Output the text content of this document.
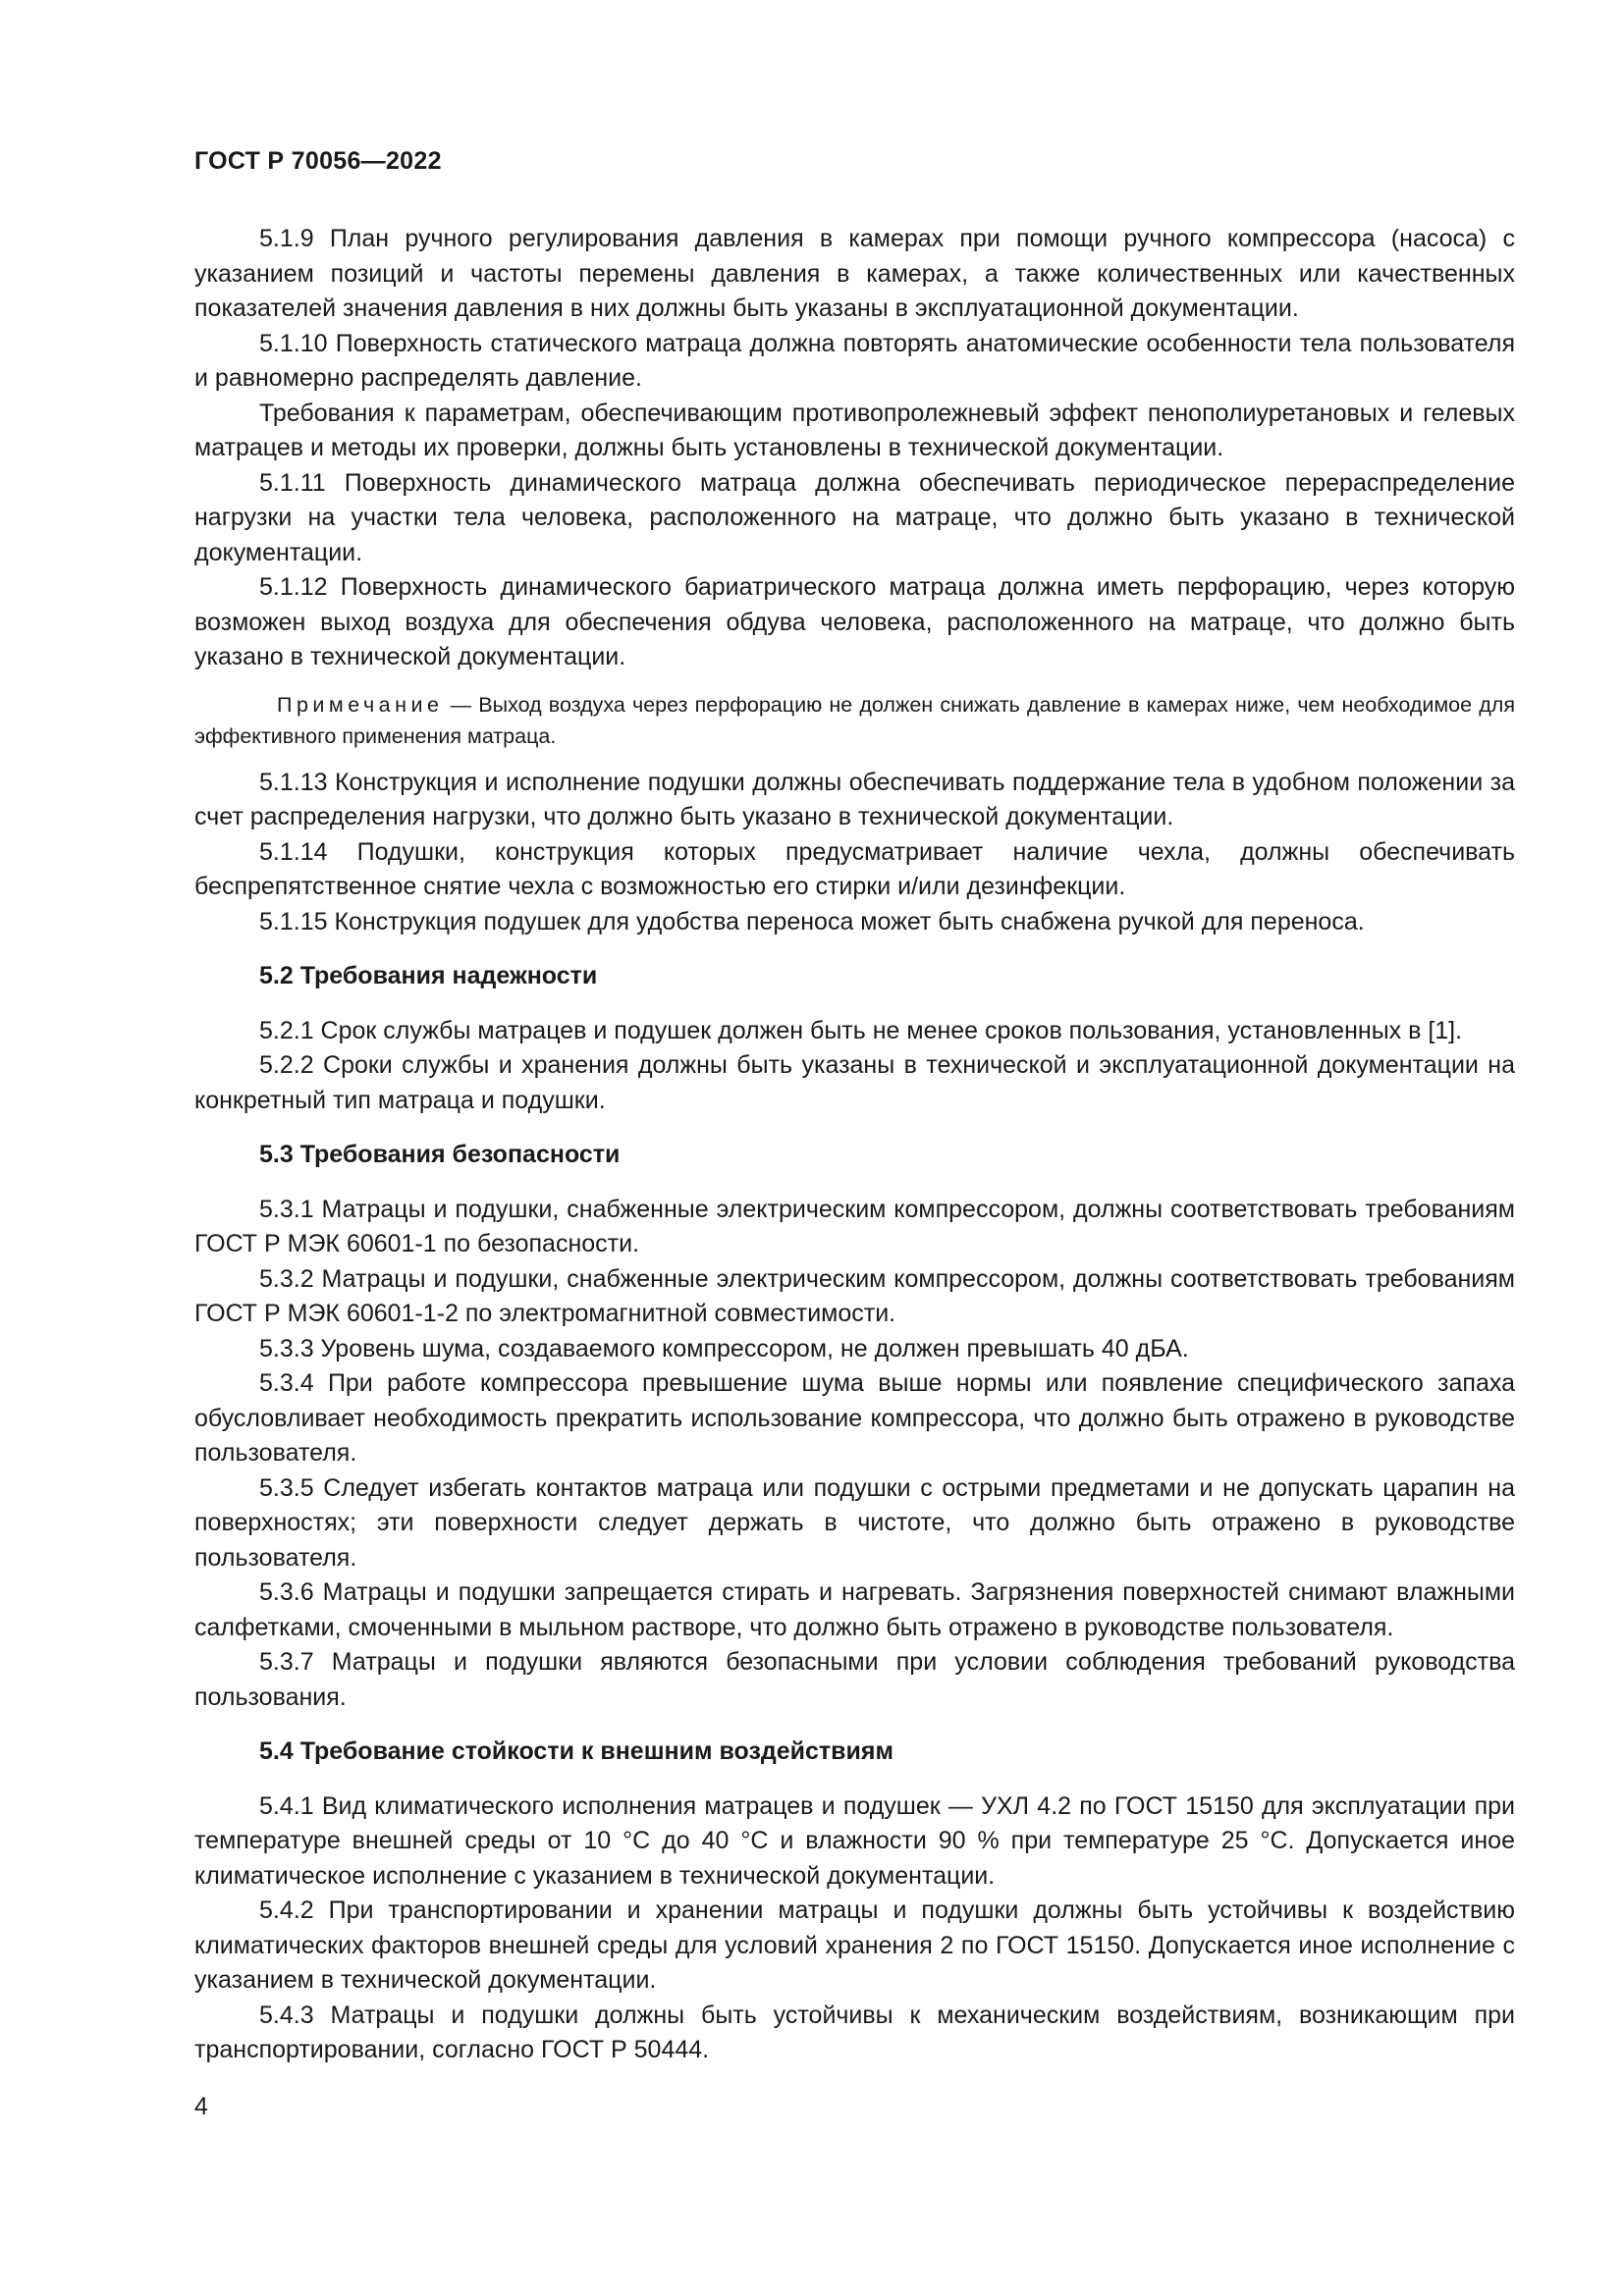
ГОСТ Р 70056—2022

5.1.9 План ручного регулирования давления в камерах при помощи ручного компрессора (насоса) с указанием позиций и частоты перемены давления в камерах, а также количественных или качественных показателей значения давления в них должны быть указаны в эксплуатационной документации.

5.1.10 Поверхность статического матраца должна повторять анатомические особенности тела пользователя и равномерно распределять давление.

Требования к параметрам, обеспечивающим противопролежневый эффект пенополиуретановых и гелевых матрацев и методы их проверки, должны быть установлены в технической документации.

5.1.11 Поверхность динамического матраца должна обеспечивать периодическое перераспределение нагрузки на участки тела человека, расположенного на матраце, что должно быть указано в технической документации.

5.1.12 Поверхность динамического бариатрического матраца должна иметь перфорацию, через которую возможен выход воздуха для обеспечения обдува человека, расположенного на матраце, что должно быть указано в технической документации.

Примечание — Выход воздуха через перфорацию не должен снижать давление в камерах ниже, чем необходимое для эффективного применения матраца.

5.1.13 Конструкция и исполнение подушки должны обеспечивать поддержание тела в удобном положении за счет распределения нагрузки, что должно быть указано в технической документации.

5.1.14 Подушки, конструкция которых предусматривает наличие чехла, должны обеспечивать беспрепятственное снятие чехла с возможностью его стирки и/или дезинфекции.

5.1.15 Конструкция подушек для удобства переноса может быть снабжена ручкой для переноса.

5.2 Требования надежности

5.2.1 Срок службы матрацев и подушек должен быть не менее сроков пользования, установленных в [1].

5.2.2 Сроки службы и хранения должны быть указаны в технической и эксплуатационной документации на конкретный тип матраца и подушки.

5.3 Требования безопасности

5.3.1 Матрацы и подушки, снабженные электрическим компрессором, должны соответствовать требованиям ГОСТ Р МЭК 60601-1 по безопасности.

5.3.2 Матрацы и подушки, снабженные электрическим компрессором, должны соответствовать требованиям ГОСТ Р МЭК 60601-1-2 по электромагнитной совместимости.

5.3.3 Уровень шума, создаваемого компрессором, не должен превышать 40 дБА.

5.3.4 При работе компрессора превышение шума выше нормы или появление специфического запаха обусловливает необходимость прекратить использование компрессора, что должно быть отражено в руководстве пользователя.

5.3.5 Следует избегать контактов матраца или подушки с острыми предметами и не допускать царапин на поверхностях; эти поверхности следует держать в чистоте, что должно быть отражено в руководстве пользователя.

5.3.6 Матрацы и подушки запрещается стирать и нагревать. Загрязнения поверхностей снимают влажными салфетками, смоченными в мыльном растворе, что должно быть отражено в руководстве пользователя.

5.3.7 Матрацы и подушки являются безопасными при условии соблюдения требований руководства пользования.

5.4 Требование стойкости к внешним воздействиям

5.4.1 Вид климатического исполнения матрацев и подушек — УХЛ 4.2 по ГОСТ 15150 для эксплуатации при температуре внешней среды от 10 °С до 40 °С и влажности 90 % при температуре 25 °С. Допускается иное климатическое исполнение с указанием в технической документации.

5.4.2 При транспортировании и хранении матрацы и подушки должны быть устойчивы к воздействию климатических факторов внешней среды для условий хранения 2 по ГОСТ 15150. Допускается иное исполнение с указанием в технической документации.

5.4.3 Матрацы и подушки должны быть устойчивы к механическим воздействиям, возникающим при транспортировании, согласно ГОСТ Р 50444.

4
